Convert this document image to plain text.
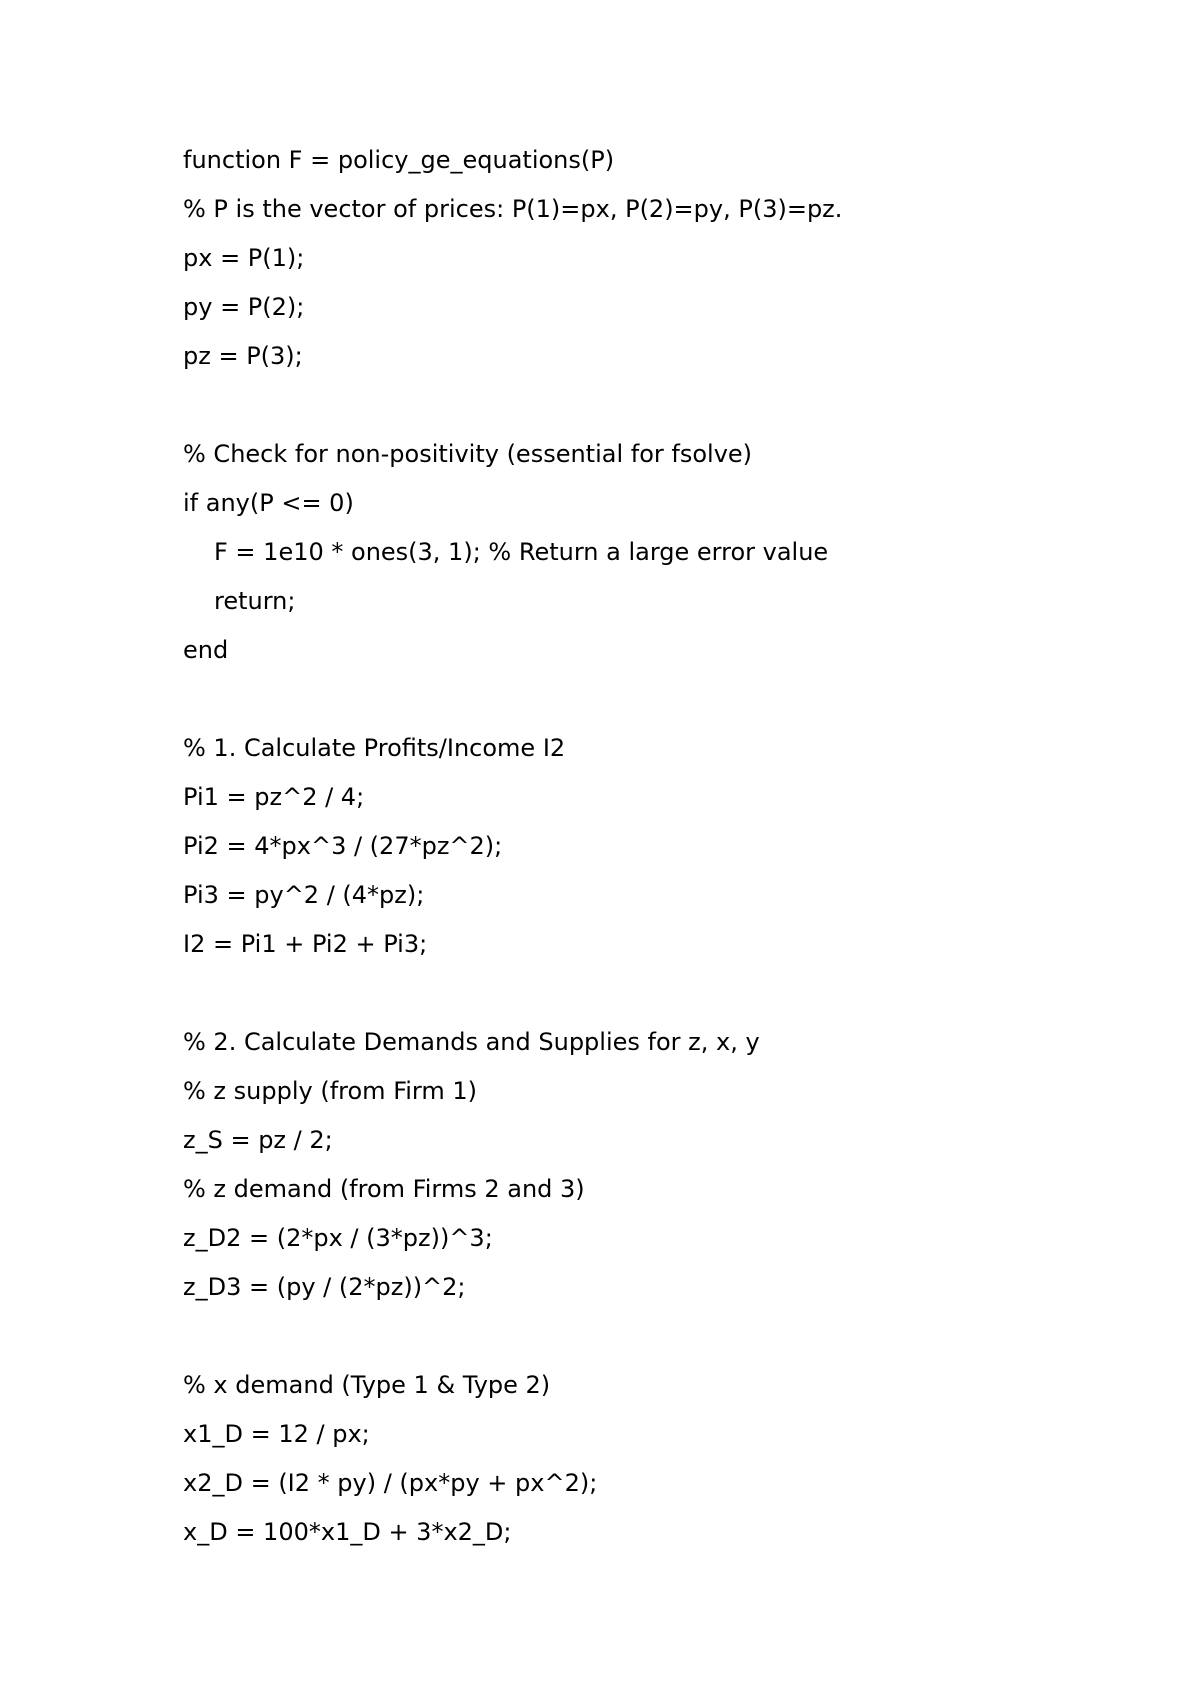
function F = policy_ge_equations(P)
% P is the vector of prices: P(1)=px, P(2)=py, P(3)=pz.
px = P(1);
py = P(2);
pz = P(3);
% Check for non-positivity (essential for fsolve)
if any(P <= 0)
F = 1e10 * ones(3, 1); % Return a large error value
return;
end
% 1. Calculate Profits/Income I2
Pi1 = pz^2 / 4;
Pi2 = 4*px^3 / (27*pz^2);
Pi3 = py^2 / (4*pz);
I2 = Pi1 + Pi2 + Pi3;
% 2. Calculate Demands and Supplies for z, x, y
% z supply (from Firm 1)
z_S = pz / 2;
% z demand (from Firms 2 and 3)
z_D2 = (2*px / (3*pz))^3;
z_D3 = (py / (2*pz))^2;
% x demand (Type 1 & Type 2)
x1_D = 12 / px;
x2_D = (I2 * py) / (px*py + px^2);
x_D = 100*x1_D + 3*x2_D;
